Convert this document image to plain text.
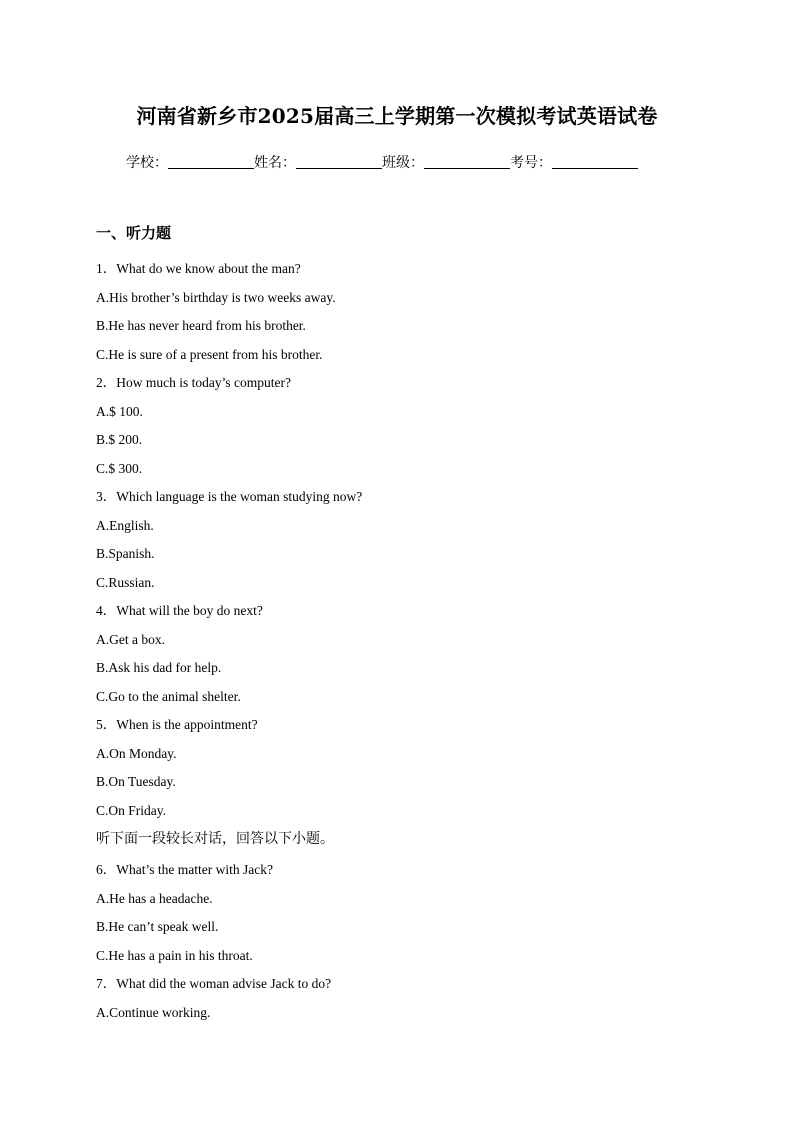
河南省新乡市2025届高三上学期第一次模拟考试英语试卷
学校：	姓名：	班级：	考号：
一、听力题
1．What do we know about the man?
A.His brother’s birthday is two weeks away.
B.He has never heard from his brother.
C.He is sure of a present from his brother.
2．How much is today’s computer?
A.$ 100.
B.$ 200.
C.$ 300.
3．Which language is the woman studying now?
A.English.
B.Spanish.
C.Russian.
4．What will the boy do next?
A.Get a box.
B.Ask his dad for help.
C.Go to the animal shelter.
5．When is the appointment?
A.On Monday.
B.On Tuesday.
C.On Friday.
听下面一段较长对话，回答以下小题。
6．What’s the matter with Jack?
A.He has a headache.
B.He can’t speak well.
C.He has a pain in his throat.
7．What did the woman advise Jack to do?
A.Continue working.
